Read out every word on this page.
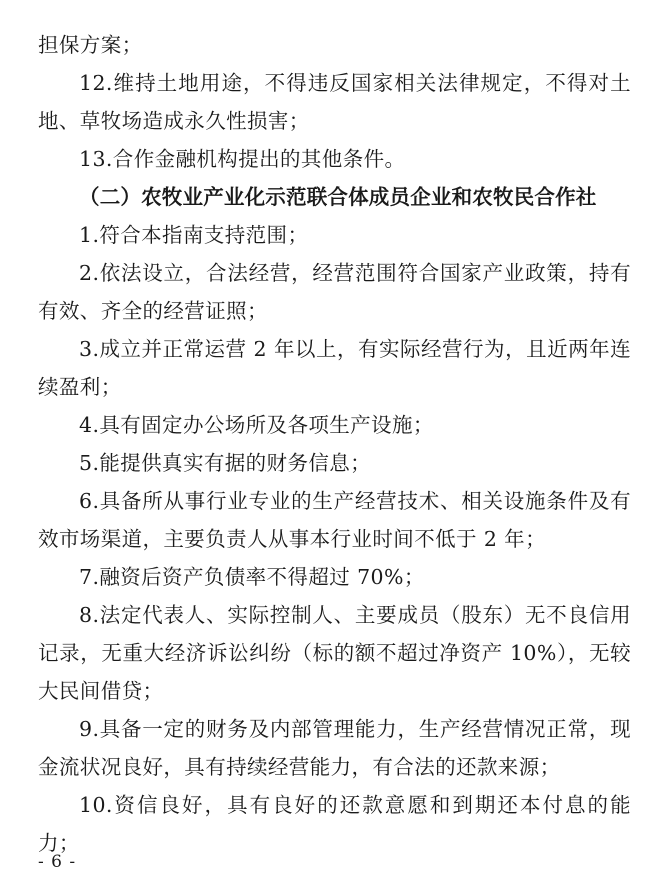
担保方案；

12.维持土地用途，不得违反国家相关法律规定，不得对土地、草牧场造成永久性损害；

13.合作金融机构提出的其他条件。

（二）农牧业产业化示范联合体成员企业和农牧民合作社

1.符合本指南支持范围；

2.依法设立，合法经营，经营范围符合国家产业政策，持有有效、齐全的经营证照；

3.成立并正常运营 2 年以上，有实际经营行为，且近两年连续盈利；

4.具有固定办公场所及各项生产设施；

5.能提供真实有据的财务信息；

6.具备所从事行业专业的生产经营技术、相关设施条件及有效市场渠道，主要负责人从事本行业时间不低于 2 年；

7.融资后资产负债率不得超过 70%；

8.法定代表人、实际控制人、主要成员（股东）无不良信用记录，无重大经济诉讼纠纷（标的额不超过净资产 10%），无较大民间借贷；

9.具备一定的财务及内部管理能力，生产经营情况正常，现金流状况良好，具有持续经营能力，有合法的还款来源；

10.资信良好，具有良好的还款意愿和到期还本付息的能力；

- 6 -
